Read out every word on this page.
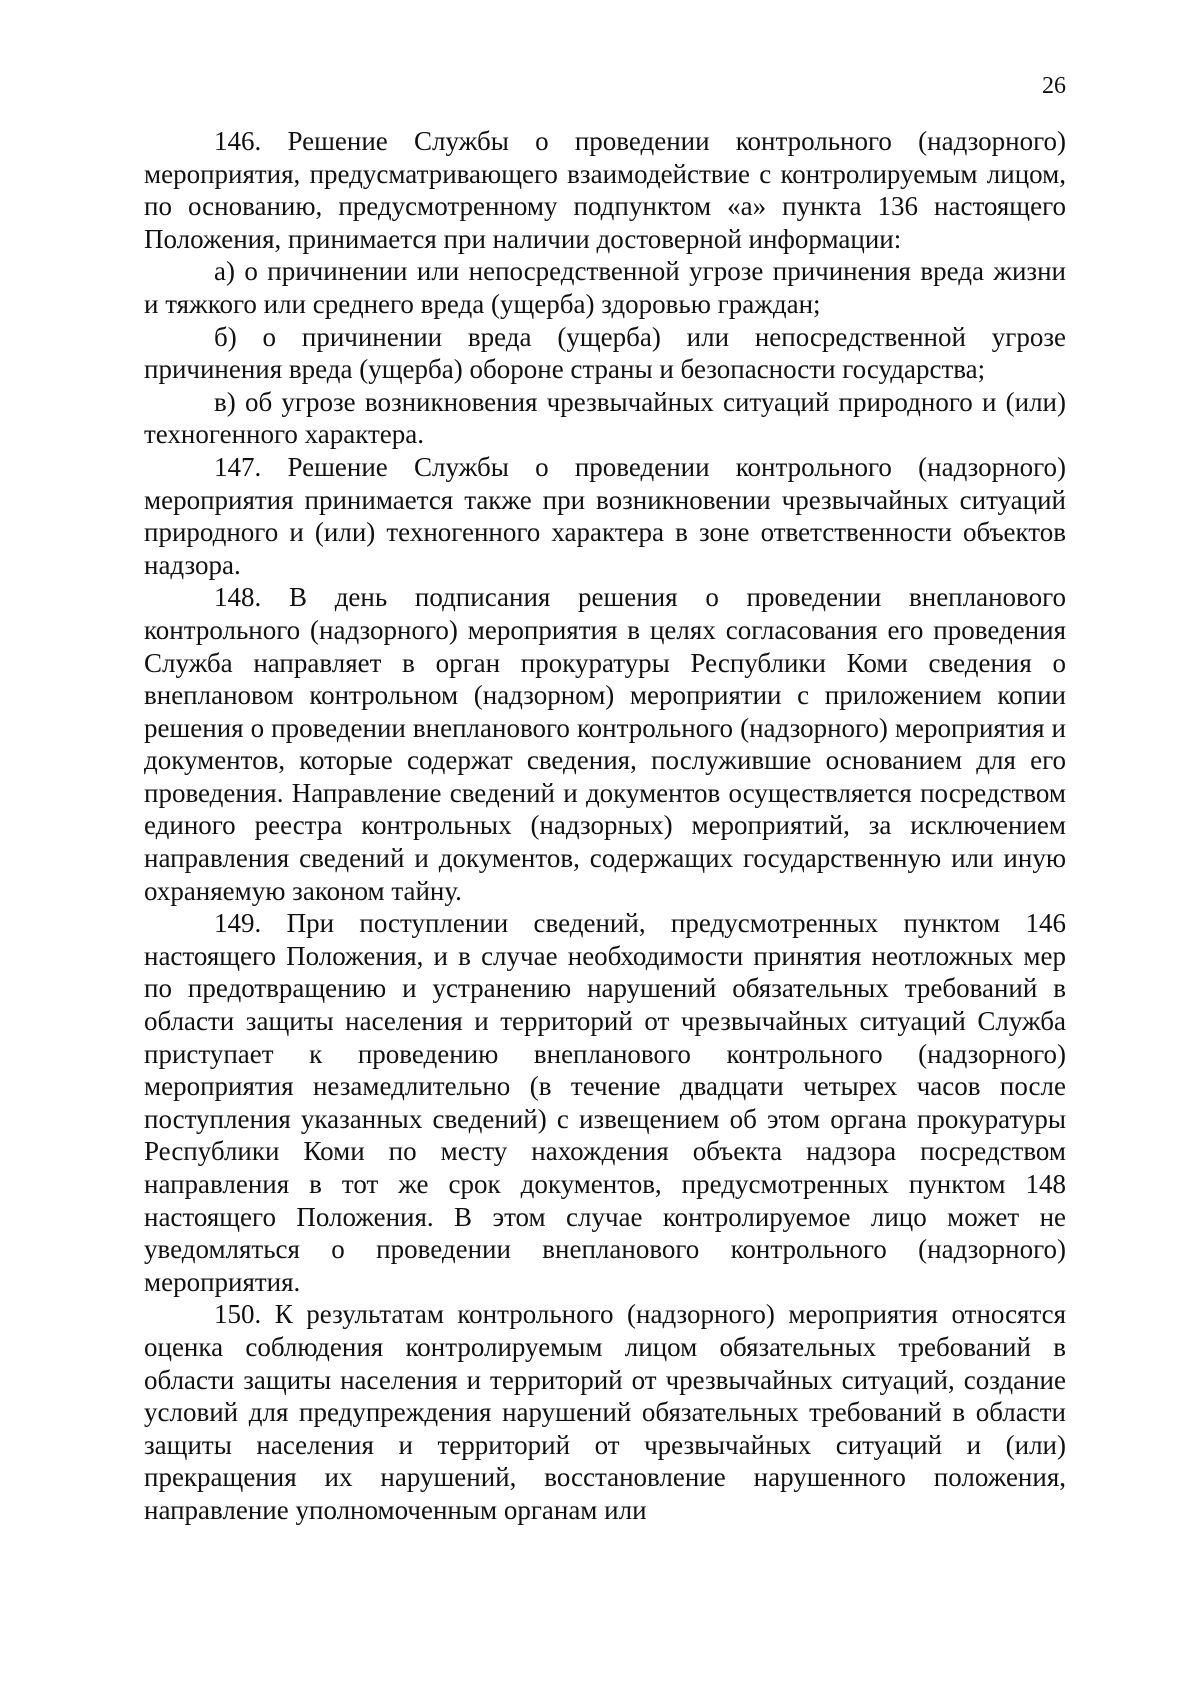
26

146. Решение Службы о проведении контрольного (надзорного) мероприятия, предусматривающего взаимодействие с контролируемым лицом, по основанию, предусмотренному подпунктом «а» пункта 136 настоящего Положения, принимается при наличии достоверной информации:

а) о причинении или непосредственной угрозе причинения вреда жизни и тяжкого или среднего вреда (ущерба) здоровью граждан;

б) о причинении вреда (ущерба) или непосредственной угрозе причинения вреда (ущерба) обороне страны и безопасности государства;

в) об угрозе возникновения чрезвычайных ситуаций природного и (или) техногенного характера.

147. Решение Службы о проведении контрольного (надзорного) мероприятия принимается также при возникновении чрезвычайных ситуаций природного и (или) техногенного характера в зоне ответственности объектов надзора.

148. В день подписания решения о проведении внепланового контрольного (надзорного) мероприятия в целях согласования его проведения Служба направляет в орган прокуратуры Республики Коми сведения о внеплановом контрольном (надзорном) мероприятии с приложением копии решения о проведении внепланового контрольного (надзорного) мероприятия и документов, которые содержат сведения, послужившие основанием для его проведения. Направление сведений и документов осуществляется посредством единого реестра контрольных (надзорных) мероприятий, за исключением направления сведений и документов, содержащих государственную или иную охраняемую законом тайну.

149. При поступлении сведений, предусмотренных пунктом 146 настоящего Положения, и в случае необходимости принятия неотложных мер по предотвращению и устранению нарушений обязательных требований в области защиты населения и территорий от чрезвычайных ситуаций Служба приступает к проведению внепланового контрольного (надзорного) мероприятия незамедлительно (в течение двадцати четырех часов после поступления указанных сведений) с извещением об этом органа прокуратуры Республики Коми по месту нахождения объекта надзора посредством направления в тот же срок документов, предусмотренных пунктом 148 настоящего Положения. В этом случае контролируемое лицо может не уведомляться о проведении внепланового контрольного (надзорного) мероприятия.

150. К результатам контрольного (надзорного) мероприятия относятся оценка соблюдения контролируемым лицом обязательных требований в области защиты населения и территорий от чрезвычайных ситуаций, создание условий для предупреждения нарушений обязательных требований в области защиты населения и территорий от чрезвычайных ситуаций и (или) прекращения их нарушений, восстановление нарушенного положения, направление уполномоченным органам или
